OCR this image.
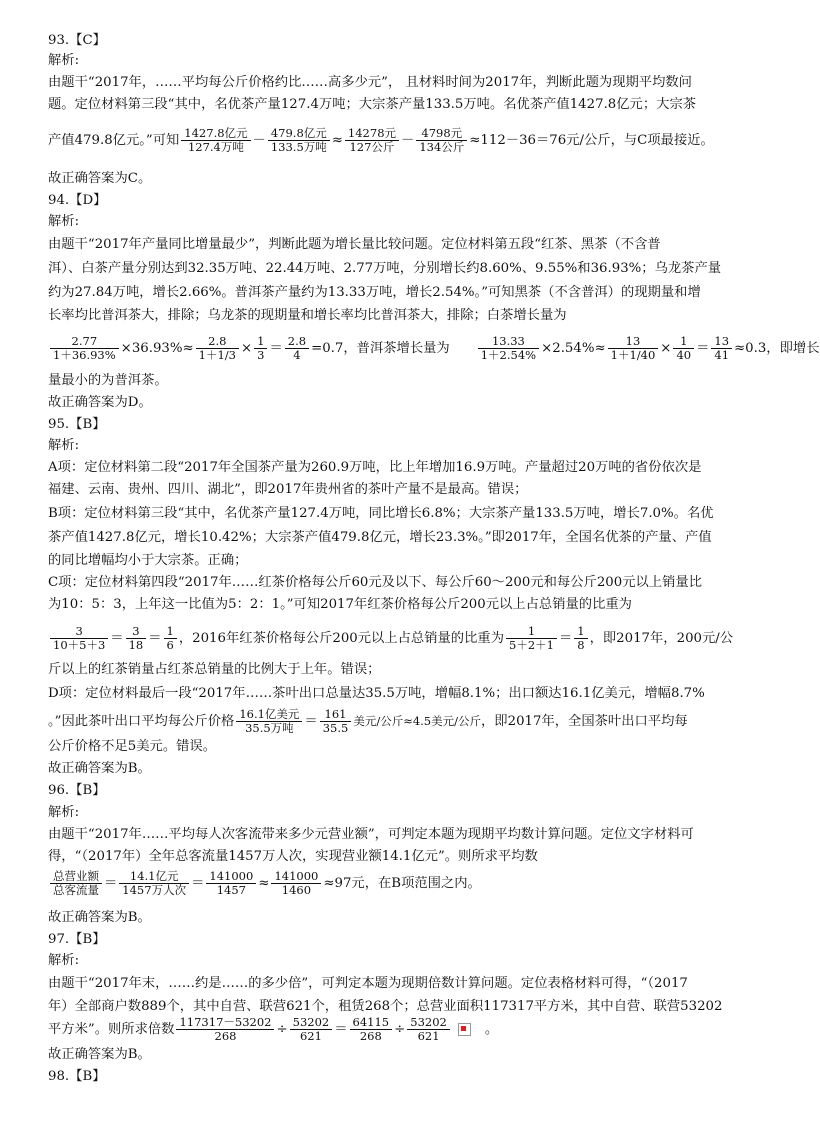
93.【C】
解析:
由题干“2017年，……平均每公斤价格约比……高多少元”， 且材料时间为2017年，判断此题为现期平均数问
题。定位材料第三段“其中，名优茶产量127.4万吨；大宗茶产量133.5万吨。名优茶产值1427.8亿元；大宗茶
产值479.8亿元。”可知 $\frac{\text{1427.8亿元}}{\text{127.4万吨}} - \frac{\text{479.8亿元}}{\text{133.5万吨}} \approx \frac{\text{14278元}}{\text{127公斤}} - \frac{\text{4798元}}{\text{134公斤}} \approx 112-36=76$元/公斤，与C项最接近。
故正确答案为C。
94.【D】
解析:
由题干“2017年产量同比增量最少”，判断此题为增长量比较问题。定位材料第五段“红茶、黑茶（不含普
洱）、白茶产量分别达到32.35万吨、22.44万吨、2.77万吨，分别增长约8.60%、9.55%和36.93%；乌龙茶产量
约为27.84万吨，增长2.66%。普洱茶产量约为13.33万吨，增长2.54%。”可知黑茶（不含普洱）的现期量和增
长率均比普洱茶大，排除；乌龙茶的现期量和增长率均比普洱茶大，排除；白茶增长量为
$\frac{2.77}{1+36.93\%} \times 36.93\%\approx \frac{2.8}{1+1/3} \times \frac{1}{3} = \frac{2.8}{4} =0.7$，普洱茶增长量为 $\frac{13.33}{1+2.54\%} \times 2.54\%\approx \frac{13}{1+1/40} \times \frac{1}{40} = \frac{13}{41} \approx 0.3$，即增长
量最小的为普洱茶。
故正确答案为D。
95.【B】
解析:
A项：定位材料第二段“2017年全国茶产量为260.9万吨，比上年增加16.9万吨。产量超过20万吨的省份依次是
福建、云南、贵州、四川、湖北”，即2017年贵州省的茶叶产量不是最高。错误；
B项：定位材料第三段“其中，名优茶产量127.4万吨，同比增长6.8%；大宗茶产量133.5万吨，增长7.0%。名优
茶产值1427.8亿元，增长10.42%；大宗茶产值479.8亿元，增长23.3%。”即2017年，全国名优茶的产量、产值
的同比增幅均小于大宗茶。正确；
C项：定位材料第四段“2017年……红茶价格每公斤60元及以下、每公斤60～200元和每公斤200元以上销量比
为10：5：3，上年这一比值为5：2：1。”可知2017年红茶价格每公斤200元以上占总销量的比重为
$\frac{3}{10+5+3} = \frac{3}{18} = \frac{1}{6}$ ，2016年红茶价格每公斤200元以上占总销量的比重为 $\frac{1}{5+2+1} = \frac{1}{8}$ ，即2017年，200元/公
斤以上的红茶销量占红茶总销量的比例大于上年。错误；
D项：定位材料最后一段“2017年……茶叶出口总量达35.5万吨，增幅8.1%；出口额达16.1亿美元，增幅8.7%
。”因此茶叶出口平均每公斤价格 $\frac{\text{16.1亿美元}}{\text{35.5万吨}} = \frac{161}{35.5}$ 美元/公斤≈4.5美元/公斤，即2017年，全国茶叶出口平均每
公斤价格不足5美元。错误。
故正确答案为B。
96.【B】
解析:
由题干“2017年……平均每人次客流带来多少元营业额”，可判定本题为现期平均数计算问题。定位文字材料可
得，“（2017年）全年总客流量1457万人次，实现营业额14.1亿元”。则所求平均数
$\frac{\text{总营业额}}{\text{总客流量}} = \frac{\text{14.1亿元}}{\text{1457万人次}} = \frac{141000}{1457} \approx \frac{141000}{1460} \approx 97$元，在B项范围之内。
故正确答案为B。
97.【B】
解析:
由题干“2017年末，……约是……的多少倍”，可判定本题为现期倍数计算问题。定位表格材料可得，“（2017
年）全部商户数889个，其中自营、联营621个，租赁268个；总营业面积117317平方米，其中自营、联营53202
平方米”。则所求倍数 $\frac{117317-53202}{268} \div \frac{53202}{621} = \frac{64115}{268} \div \frac{53202}{621}$	。
故正确答案为B。
98.【B】
